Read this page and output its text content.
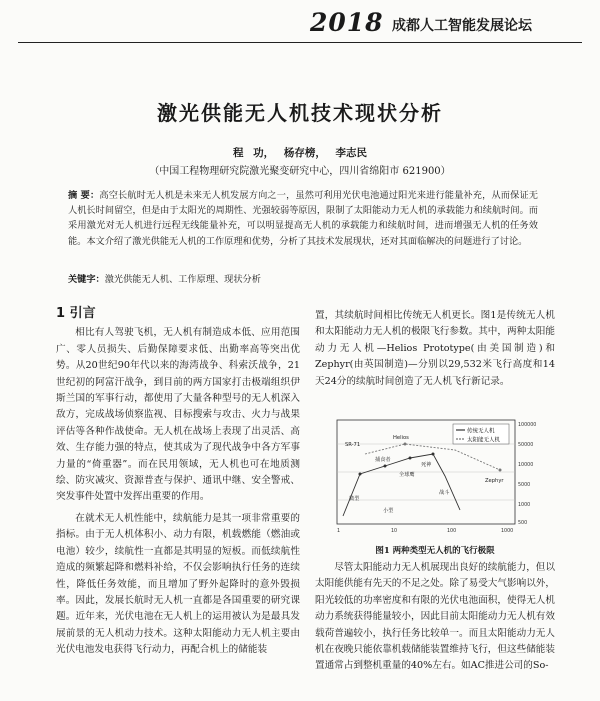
2018 成都人工智能发展论坛
激光供能无人机技术现状分析
程 功， 杨存榜， 李志民
（中国工程物理研究院激光聚变研究中心，四川省绵阳市 621900）
摘 要：高空长航时无人机是未来无人机发展方向之一，虽然可利用光伏电池通过阳光来进行能量补充，从而保证无人机长时间留空，但是由于太阳光的周期性、光强较弱等原因，限制了太阳能动力无人机的承载能力和续航时间。而采用激光对无人机进行远程无线能量补充，可以明显提高无人机的承载能力和续航时间，进而增强无人机的任务效能。本文介绍了激光供能无人机的工作原理和优势，分析了其技术发展现状，还对其面临解决的问题进行了讨论。
关键字：激光供能无人机、工作原理、现状分析
1 引言

相比有人驾驶飞机，无人机有制造成本低、应用范围广、零人员损失、后勤保障要求低、出勤率高等突出优势。从20世纪90年代以来的海湾战争、科索沃战争，21世纪初的阿富汗战争，到目前的两方国家打击极端组织伊斯兰国的军事行动，都使用了大量各种型号的无人机深入敌方，完成战场侦察监视、目标搜索与攻击、火力与战果评估等各种作战使命。无人机在战场上表现了出灵活、高效、生存能力强的特点，使其成为了现代战争中各方军事力量的“倚重器”。而在民用领域，无人机也可在地质测绘、防灾减灾、资源普查与保护、通讯中继、安全警戒、突发事件处置中发挥出重要的作用。

在就术无人机性能中，续航能力是其一项非常重要的指标。由于无人机体积小、动力有限，机载燃能（燃油或电池）较少，续航性一直都是其明显的短板。而低续航性造成的频繁起降和燃料补给，不仅会影响执行任务的连续性，降低任务效能，而且增加了野外起降时的意外毁损率。因此，发展长航时无人机一直都是各国重要的研究课题。近年来，光伏电池在无人机上的运用被认为是最具发展前景的无人机动力技术。这种太阳能动力无人机主要由光伏电池发电获得飞行动力，再配合机上的储能装

置，其续航时间相比传统无人机更长。图1是传统无人机和太阳能动力无人机的极限飞行参数。其中，两种太阳能动力无人机—Helios Prototype(由美国制造)和Zephyr(由英国制造)—分别以29,532米飞行高度和14天24分的续航时间创造了无人机飞行新记录。
传统无人机
太阳能无人机
捕食者
全球鹰
死神
SR-71
Helios
Zephyr
微型
小型
战斗
100000
50000
10000
5000
1000
500
1	10	100	1000
图1 两种类型无人机的飞行极限

尽管太阳能动力无人机展现出良好的续航能力，但以太阳能供能有先天的不足之处。除了易受大气影响以外，阳光较低的功率密度和有限的光伏电池面积，使得无人机动力系统获得能量较小，因此目前太阳能动力无人机有效载荷普遍较小，执行任务比较单一。而且太阳能动力无人机在夜晚只能依靠机载储能装置维持飞行，但这些储能装置通常占到整机重量的40%左右。如AC推进公司的So-
